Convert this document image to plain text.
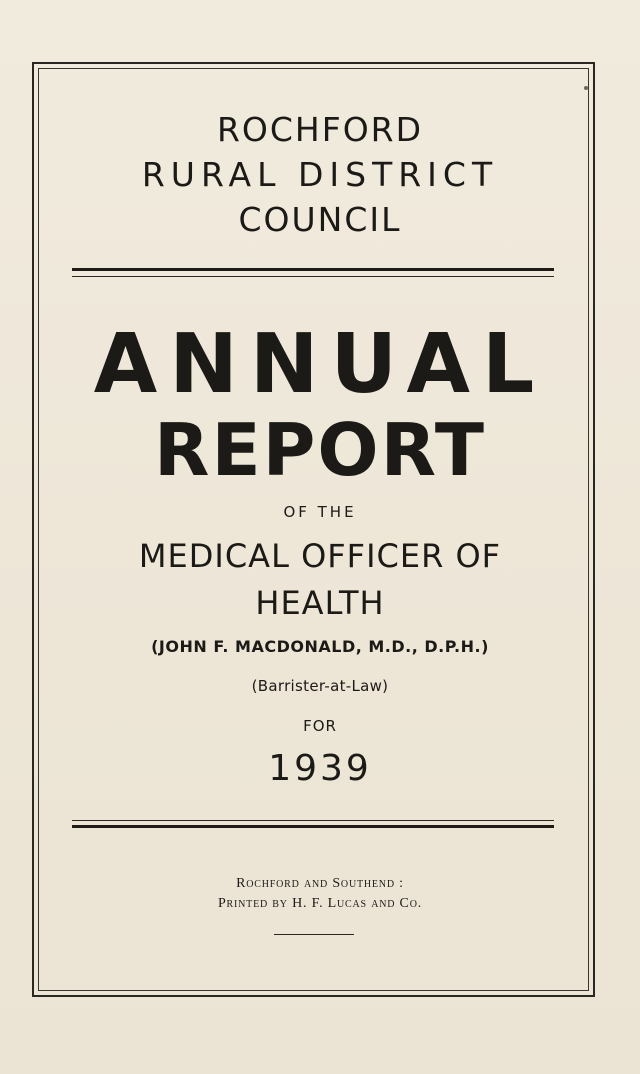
ROCHFORD
RURAL DISTRICT
COUNCIL
ANNUAL
REPORT
OF THE
MEDICAL OFFICER OF
HEALTH
(JOHN F. MACDONALD, M.D., D.P.H.)
(Barrister-at-Law)
FOR
1939
Rochford and Southend :
Printed by H. F. Lucas and Co.
